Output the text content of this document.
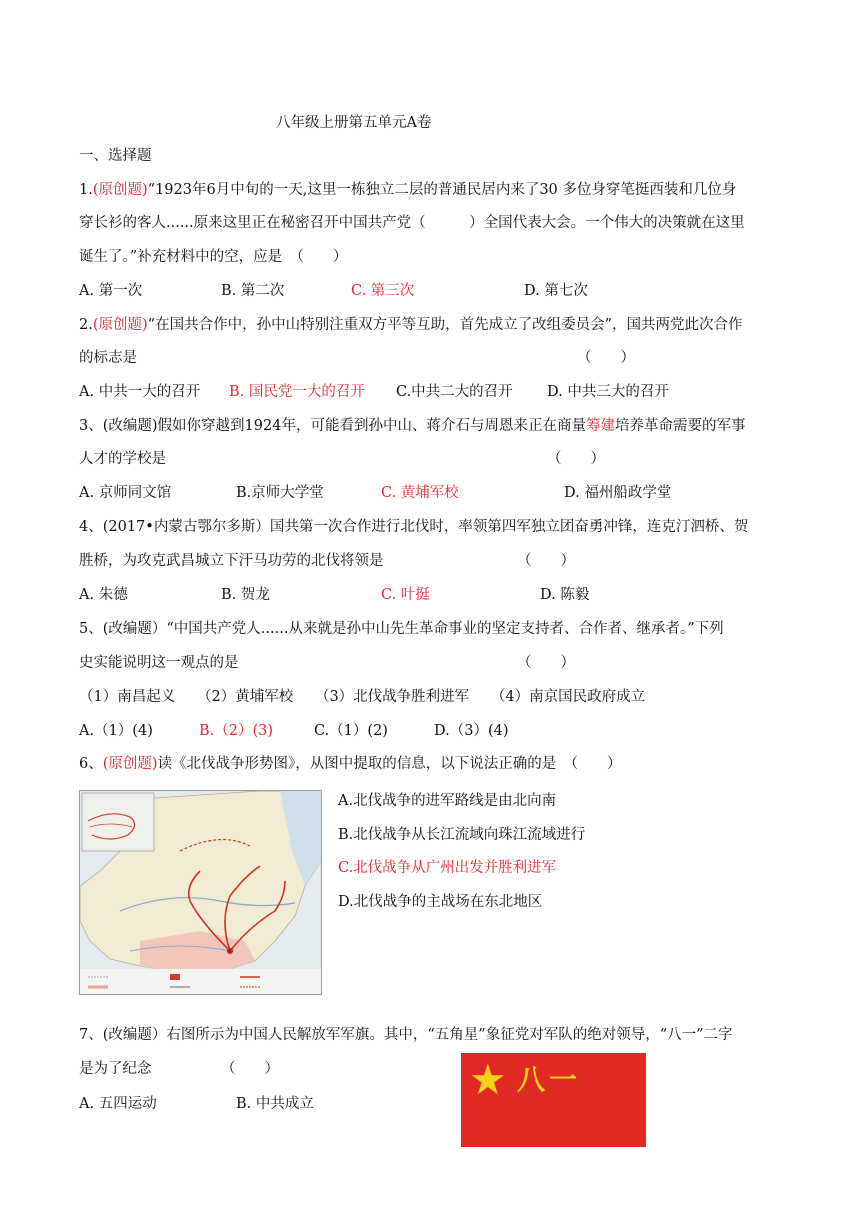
八年级上册第五单元A卷
一、选择题
1.(原创题)“1923年6月中旬的一天,这里一栋独立二层的普通民居内来了30 多位身穿笔挺西装和几位身
穿长衫的客人......原来这里正在秘密召开中国共产党（　　　）全国代表大会。一个伟大的决策就在这里
诞生了。”补充材料中的空，应是　（　　）
A. 第一次	B. 第二次	C. 第三次	D. 第七次
2.(原创题)“在国共合作中，孙中山特别注重双方平等互助，首先成立了改组委员会”，国共两党此次合作
的标志是	（　　）
A. 中共一大的召开 B. 国民党一大的召开 C.中共二大的召开 D. 中共三大的召开
3、(改编题)假如你穿越到1924年，可能看到孙中山、蒋介石与周恩来正在商量筹建培养革命需要的军事
人才的学校是	（　　）
A. 京师同文馆	B.京师大学堂	C. 黄埔军校	D. 福州船政学堂
4、(2017•内蒙古鄂尔多斯）国共第一次合作进行北伐时，率领第四军独立团奋勇冲锋，连克汀泗桥、贺
胜桥，为攻克武昌城立下汗马功劳的北伐将领是	（　　）
A. 朱德	B. 贺龙	C. 叶挺	D. 陈毅
5、(改编题）“中国共产党人......从来就是孙中山先生革命事业的坚定支持者、合作者、继承者。”下列
史实能说明这一观点的是	（　　）
（1）南昌起义　　（2）黄埔军校　　（3）北伐战争胜利进军　　（4）南京国民政府成立
A.（1）(4)	B.（2）(3)	C.（1）(2)	D.（3）(4)
6、(原创题)读《北伐战争形势图》，从图中提取的信息，以下说法正确的是　（　　）
A.北伐战争的进军路线是由北向南
B.北伐战争从长江流域向珠江流域进行
C.北伐战争从广州出发并胜利进军
D.北伐战争的主战场在东北地区
7、(改编题）右图所示为中国人民解放军军旗。其中，“五角星”象征党对军队的绝对领导，“八一”二字
是为了纪念	（　　）
A. 五四运动	B. 中共成立	★ 八一
